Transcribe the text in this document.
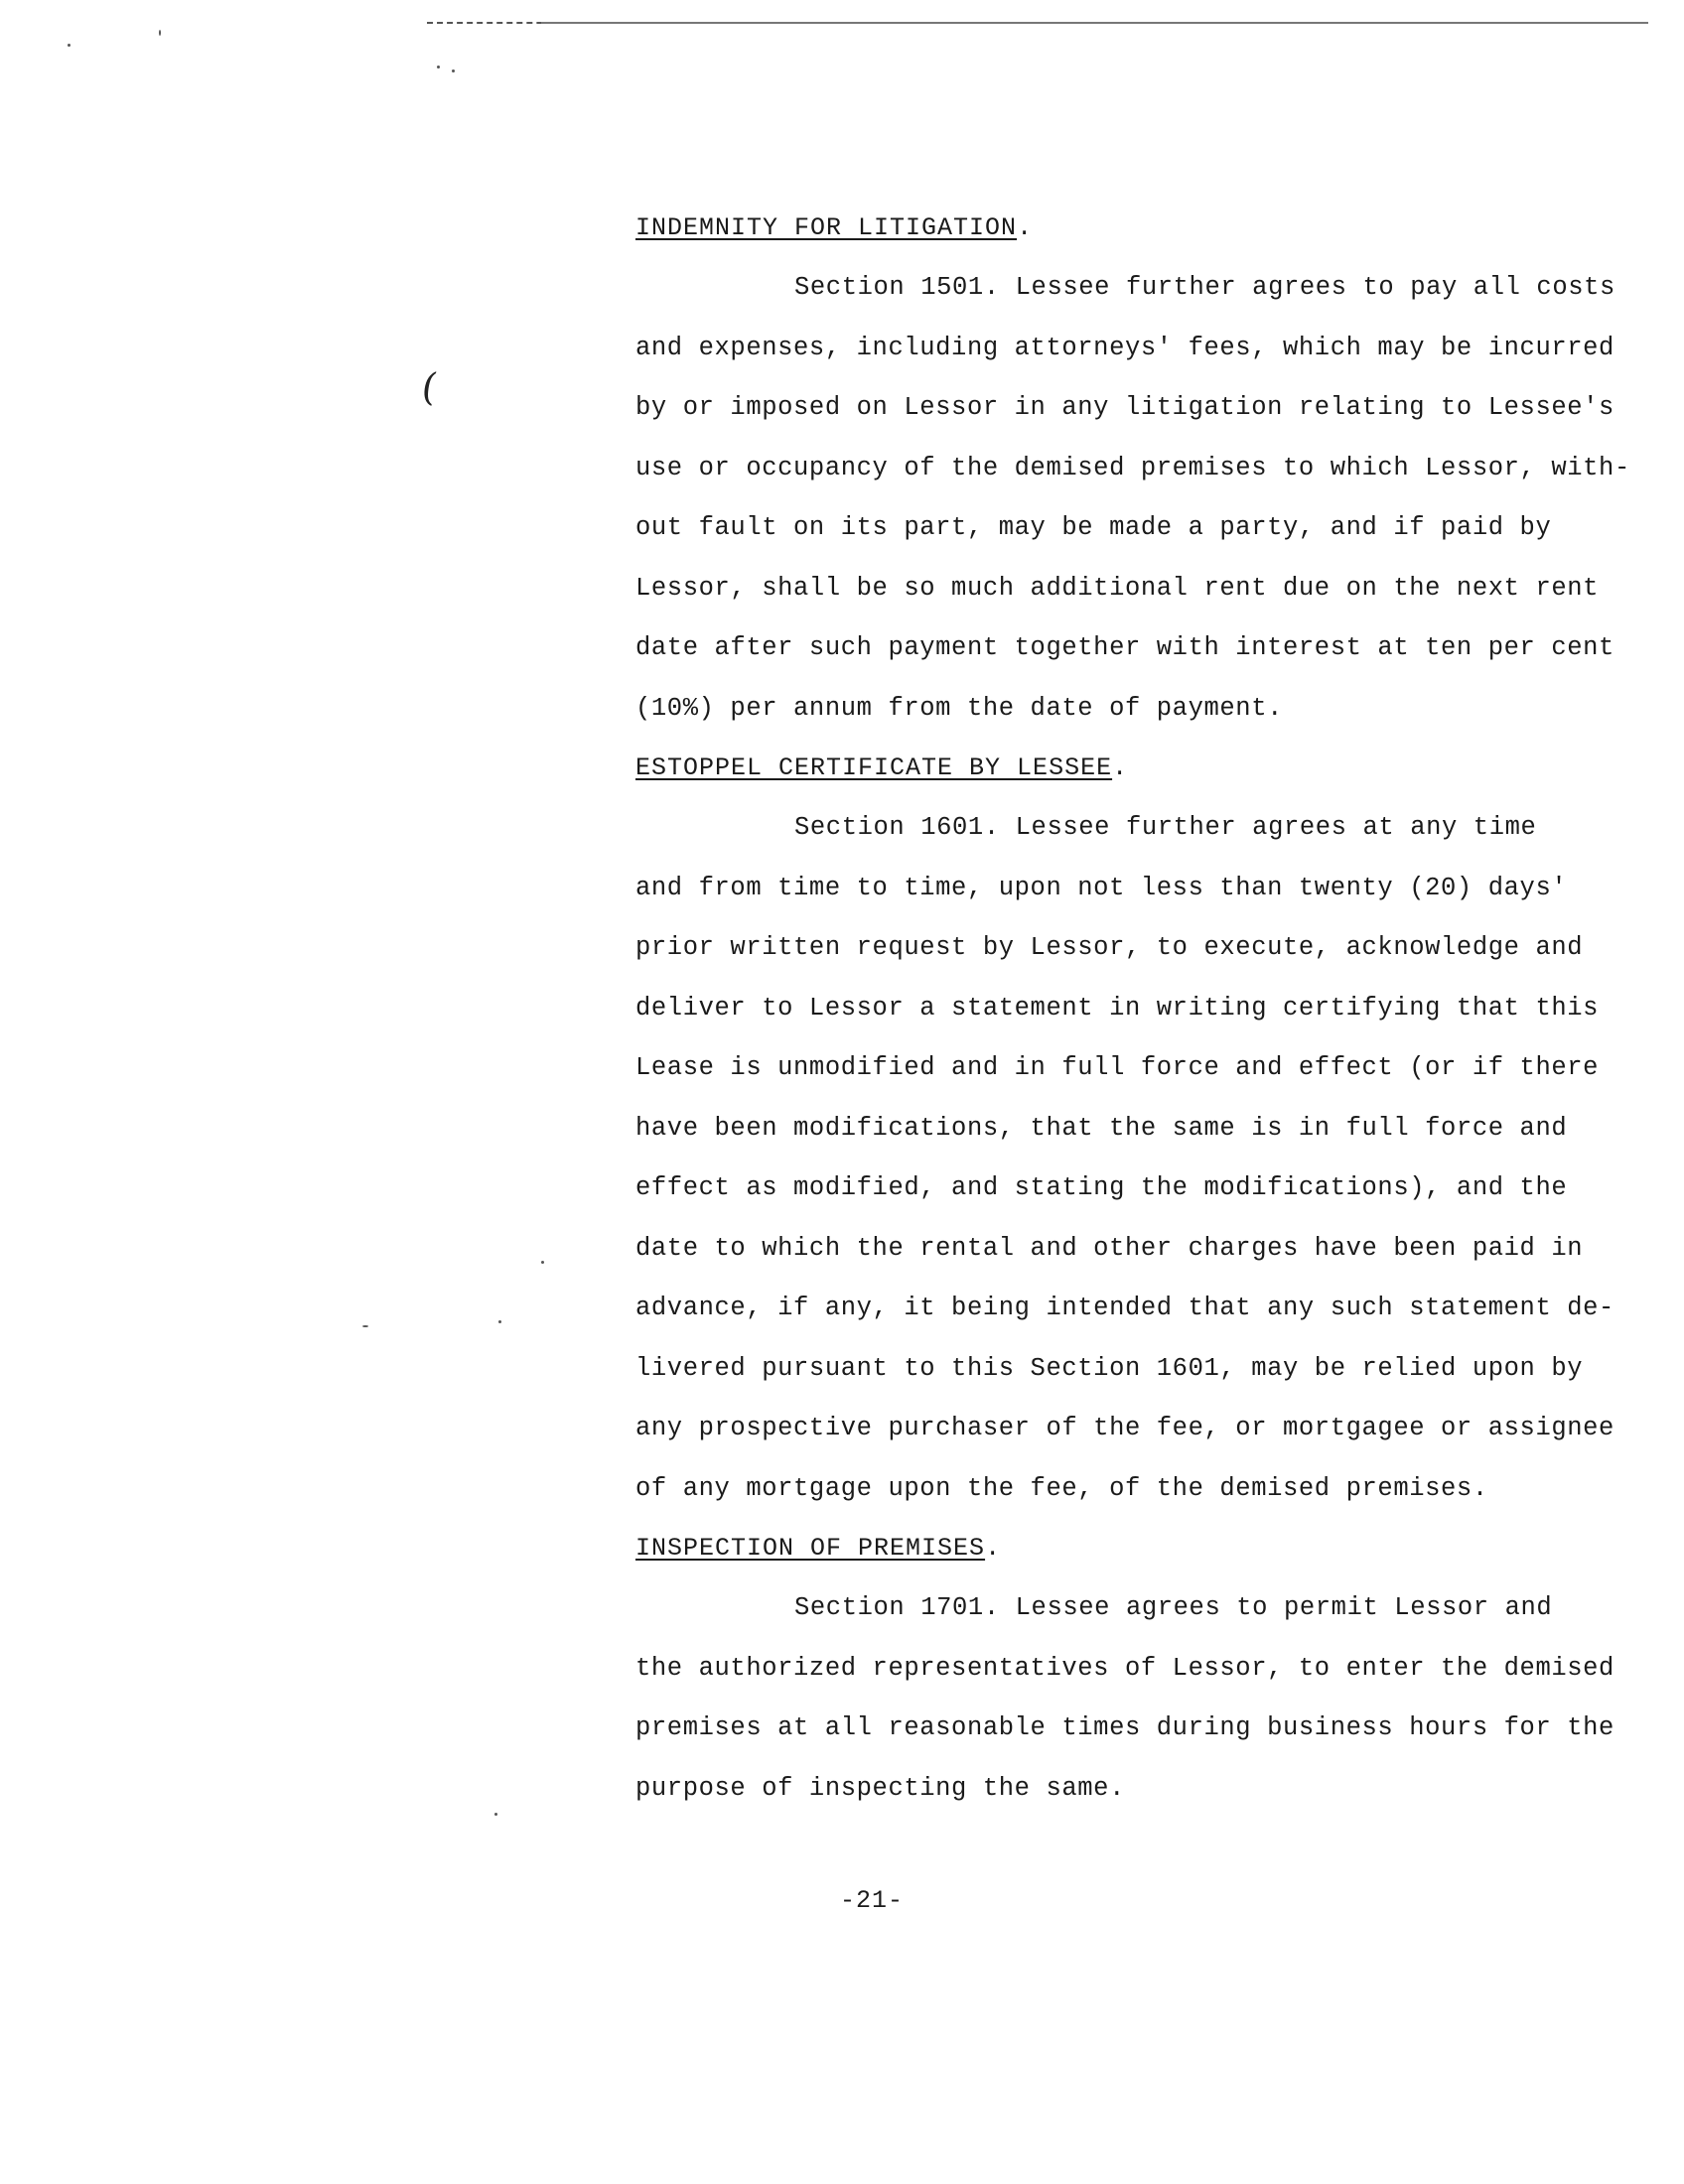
(
INDEMNITY FOR LITIGATION.
Section 1501. Lessee further agrees to pay all costs
and expenses, including attorneys' fees, which may be incurred
by or imposed on Lessor in any litigation relating to Lessee's
use or occupancy of the demised premises to which Lessor, with-
out fault on its part, may be made a party, and if paid by
Lessor, shall be so much additional rent due on the next rent
date after such payment together with interest at ten per cent
(10%) per annum from the date of payment.
ESTOPPEL CERTIFICATE BY LESSEE.
Section 1601. Lessee further agrees at any time
and from time to time, upon not less than twenty (20) days'
prior written request by Lessor, to execute, acknowledge and
deliver to Lessor a statement in writing certifying that this
Lease is unmodified and in full force and effect (or if there
have been modifications, that the same is in full force and
effect as modified, and stating the modifications), and the
date to which the rental and other charges have been paid in
advance, if any, it being intended that any such statement de-
livered pursuant to this Section 1601, may be relied upon by
any prospective purchaser of the fee, or mortgagee or assignee
of any mortgage upon the fee, of the demised premises.
INSPECTION OF PREMISES.
Section 1701. Lessee agrees to permit Lessor and
the authorized representatives of Lessor, to enter the demised
premises at all reasonable times during business hours for the
purpose of inspecting the same.
-21-
